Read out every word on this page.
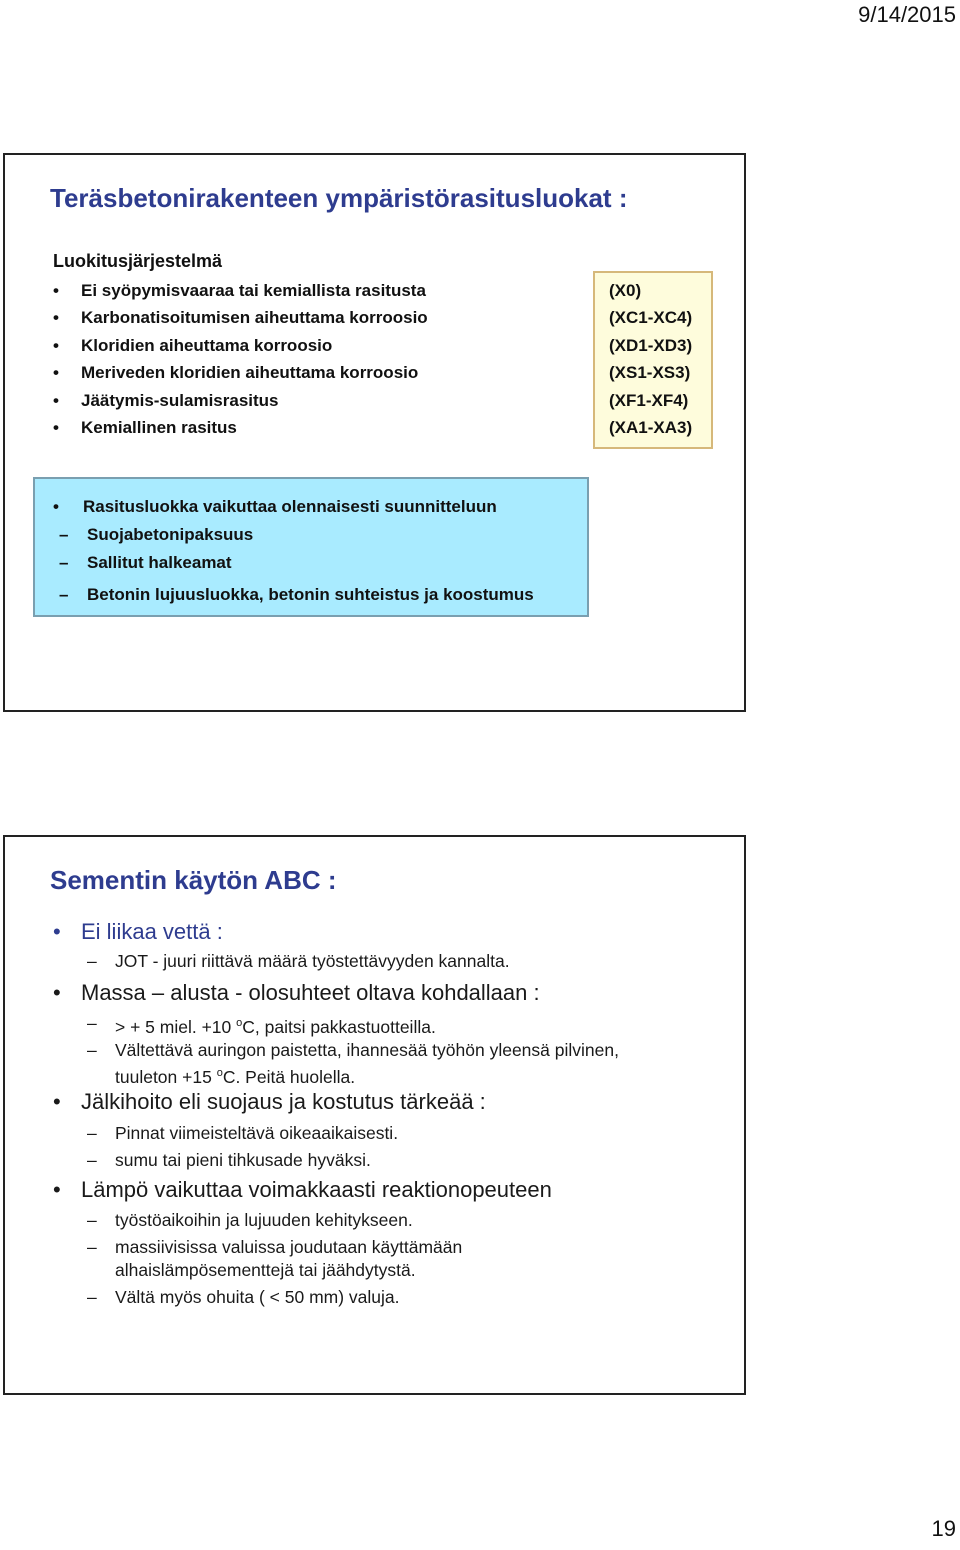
9/14/2015
Teräsbetonirakenteen ympäristörasitusluokat :
Luokitusjärjestelmä
• Ei syöpymisvaaraa tai kemiallista rasitusta
• Karbonatisoitumisen aiheuttama korroosio
• Kloridien aiheuttama korroosio
• Meriveden kloridien aiheuttama korroosio
• Jäätymis-sulamisrasitus
• Kemiallinen rasitus
(X0)
(XC1-XC4)
(XD1-XD3)
(XS1-XS3)
(XF1-XF4)
(XA1-XA3)
• Rasitusluokka vaikuttaa olennaisesti suunnitteluun
– Suojabetonipaksuus
– Sallitut halkeamat
– Betonin lujuusluokka, betonin suhteistus ja koostumus
Sementin käytön ABC :
• Ei liikaa vettä :
– JOT - juuri riittävä määrä työstettävyyden kannalta.
• Massa – alusta - olosuhteet oltava kohdallaan :
– > + 5 miel. +10 $^o$C, paitsi pakkastuotteilla.
– Vältettävä auringon paistetta, ihannesää työhön yleensä pilvinen, tuuleton +15 $^o$C. Peitä huolella.
• Jälkihoito eli suojaus ja kostutus tärkeää :
– Pinnat viimeisteltävä oikeaaikaisesti.
– sumu tai pieni tihkusade hyväksi.
• Lämpö vaikuttaa voimakkaasti reaktionopeuteen
– työstöaikoihin ja lujuuden kehitykseen.
– massiivisissa valuissa joudutaan käyttämään alhaislämpösementtejä tai jäähdytystä.
– Vältä myös ohuita ( < 50 mm) valuja.
19
